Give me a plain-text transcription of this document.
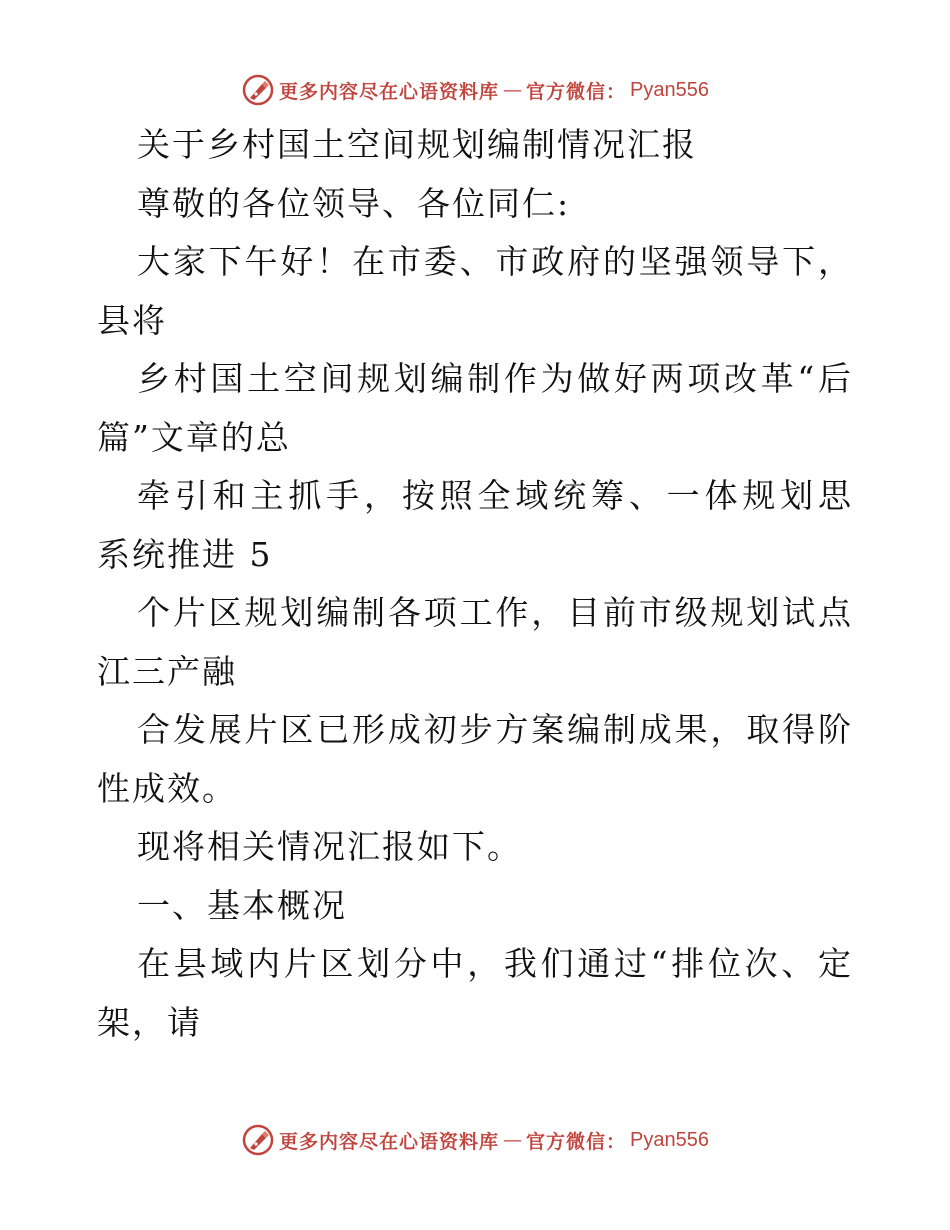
更多内容尽在心语资料库 — 官方微信： Pyan556
关于乡村国土空间规划编制情况汇报
尊敬的各位领导、各位同仁:
大家下午好！在市委、市政府的坚强领导下，
县将
乡村国土空间规划编制作为做好两项改革“后
篇”文章的总
牵引和主抓手，按照全域统筹、一体规划思
系统推进 5
个片区规划编制各项工作，目前市级规划试点
江三产融
合发展片区已形成初步方案编制成果，取得阶
性成效。
现将相关情况汇报如下。
一、基本概况
在县域内片区划分中，我们通过“排位次、定
架，请
更多内容尽在心语资料库 — 官方微信： Pyan556
